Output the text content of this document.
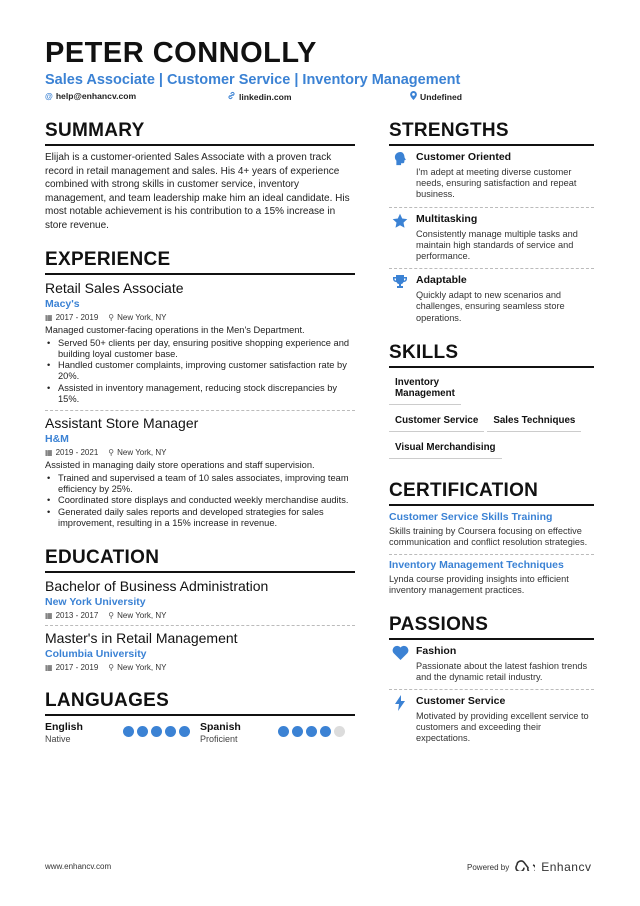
PETER CONNOLLY
Sales Associate | Customer Service | Inventory Management
@ help@enhancv.com	linkedin.com	Undefined
SUMMARY
Elijah is a customer-oriented Sales Associate with a proven track record in retail management and sales. His 4+ years of experience combined with strong skills in customer service, inventory management, and team leadership make him an ideal candidate. His most notable achievement is his contribution to a 15% increase in store revenue.
EXPERIENCE
Retail Sales Associate
Macy's
▦ 2017 - 2019 ⚲ New York, NY
Managed customer-facing operations in the Men's Department.
• Served 50+ clients per day, ensuring positive shopping experience and building loyal customer base.
• Handled customer complaints, improving customer satisfaction rate by 20%.
• Assisted in inventory management, reducing stock discrepancies by 15%.
Assistant Store Manager
H&M
▦ 2019 - 2021 ⚲ New York, NY
Assisted in managing daily store operations and staff supervision.
• Trained and supervised a team of 10 sales associates, improving team efficiency by 25%.
• Coordinated store displays and conducted weekly merchandise audits.
• Generated daily sales reports and developed strategies for sales improvement, resulting in a 15% increase in revenue.
EDUCATION
Bachelor of Business Administration
New York University
▦ 2013 - 2017 ⚲ New York, NY
Master's in Retail Management
Columbia University
▦ 2017 - 2019 ⚲ New York, NY
LANGUAGES
English
Native
Spanish
Proficient
STRENGTHS
Customer Oriented
I'm adept at meeting diverse customer needs, ensuring satisfaction and repeat business.
Multitasking
Consistently manage multiple tasks and maintain high standards of service and performance.
Adaptable
Quickly adapt to new scenarios and challenges, ensuring seamless store operations.
SKILLS
Inventory Management
Customer Service	Sales Techniques
Visual Merchandising
CERTIFICATION
Customer Service Skills Training
Skills training by Coursera focusing on effective communication and conflict resolution strategies.
Inventory Management Techniques
Lynda course providing insights into efficient inventory management practices.
PASSIONS
Fashion
Passionate about the latest fashion trends and the dynamic retail industry.
Customer Service
Motivated by providing excellent service to customers and exceeding their expectations.
www.enhancv.com	Powered by	Enhancv
